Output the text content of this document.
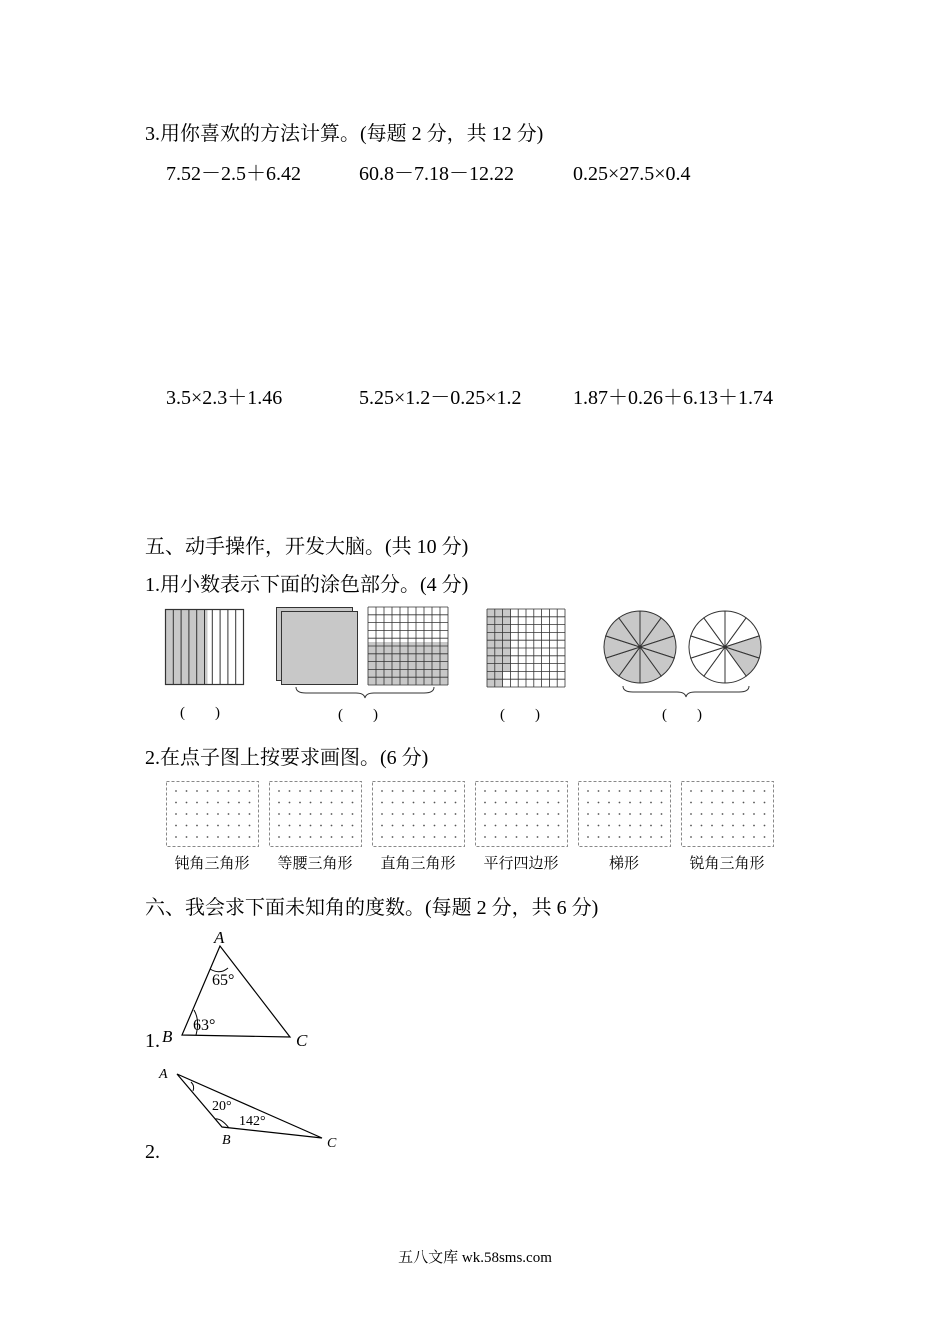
3.用你喜欢的方法计算。(每题 2 分，共 12 分)
7.52－2.5＋6.42	60.8－7.18－12.22	0.25×27.5×0.4
3.5×2.3＋1.46	5.25×1.2－0.25×1.2	1.87＋0.26＋6.13＋1.74
五、动手操作，开发大脑。(共 10 分)
1.用小数表示下面的涂色部分。(4 分)
(　　)	(　　)	(　　)	(　　)
2.在点子图上按要求画图。(6 分)
钝角三角形	等腰三角形	直角三角形	平行四边形	梯形	锐角三角形
六、我会求下面未知角的度数。(每题 2 分，共 6 分)
A
B	C
65°
63°
1.
A
B	C
20°
142°
2.
五八文库 wk.58sms.com
